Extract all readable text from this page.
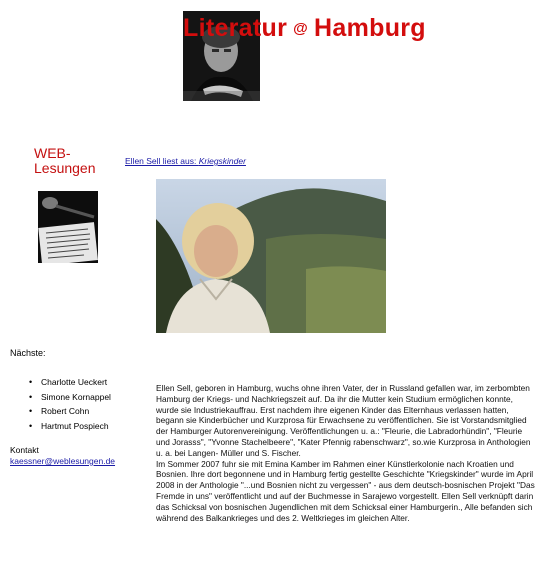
Literatur @ Hamburg
WEB-
Lesungen
Nächste:
• Charlotte Ueckert
• Simone Kornappel
• Robert Cohn
• Hartmut Pospiech
Kontakt
kaessner@weblesungen.de
Ellen Sell liest aus: Kriegskinder

Ellen Sell, geboren in Hamburg, wuchs ohne ihren Vater, der in Russland gefallen war, im zerbombten Hamburg der Kriegs- und Nachkriegszeit auf. Da ihr die Mutter kein Studium ermöglichen konnte, wurde sie Industriekauffrau. Erst nachdem ihre eigenen Kinder das Elternhaus verlassen hatten, begann sie Kinderbücher und Kurzprosa für Erwachsene zu veröffentlichen. Sie ist Vorstandsmitglied der Hamburger Autorenvereinigung. Veröffentlichungen u. a.: "Fleurie, die Labradorhündin", "Fleurie und Jorasss", "Yvonne Stachelbeere", "Kater Pfennig rabenschwarz", so.wie Kurzprosa in Anthologien u. a. bei Langen- Müller und S. Fischer.

Im Sommer 2007 fuhr sie mit Emina Kamber im Rahmen einer Künstlerkolonie nach Kroatien und Bosnien. Ihre dort begonnene und in Hamburg fertig gestellte Geschichte "Kriegskinder" wurde im April 2008 in der Anthologie "...und Bosnien nicht zu vergessen" - aus dem deutsch-bosnischen Projekt "Das Fremde in uns" veröffentlicht und auf der Buchmesse in Sarajewo vorgestellt. Ellen Sell verknüpft darin das Schicksal von bosnischen Jugendlichen mit dem Schicksal einer Hamburgerin., Alle befanden sich während des Balkankrieges und des 2. Weltkrieges im gleichen Alter.
